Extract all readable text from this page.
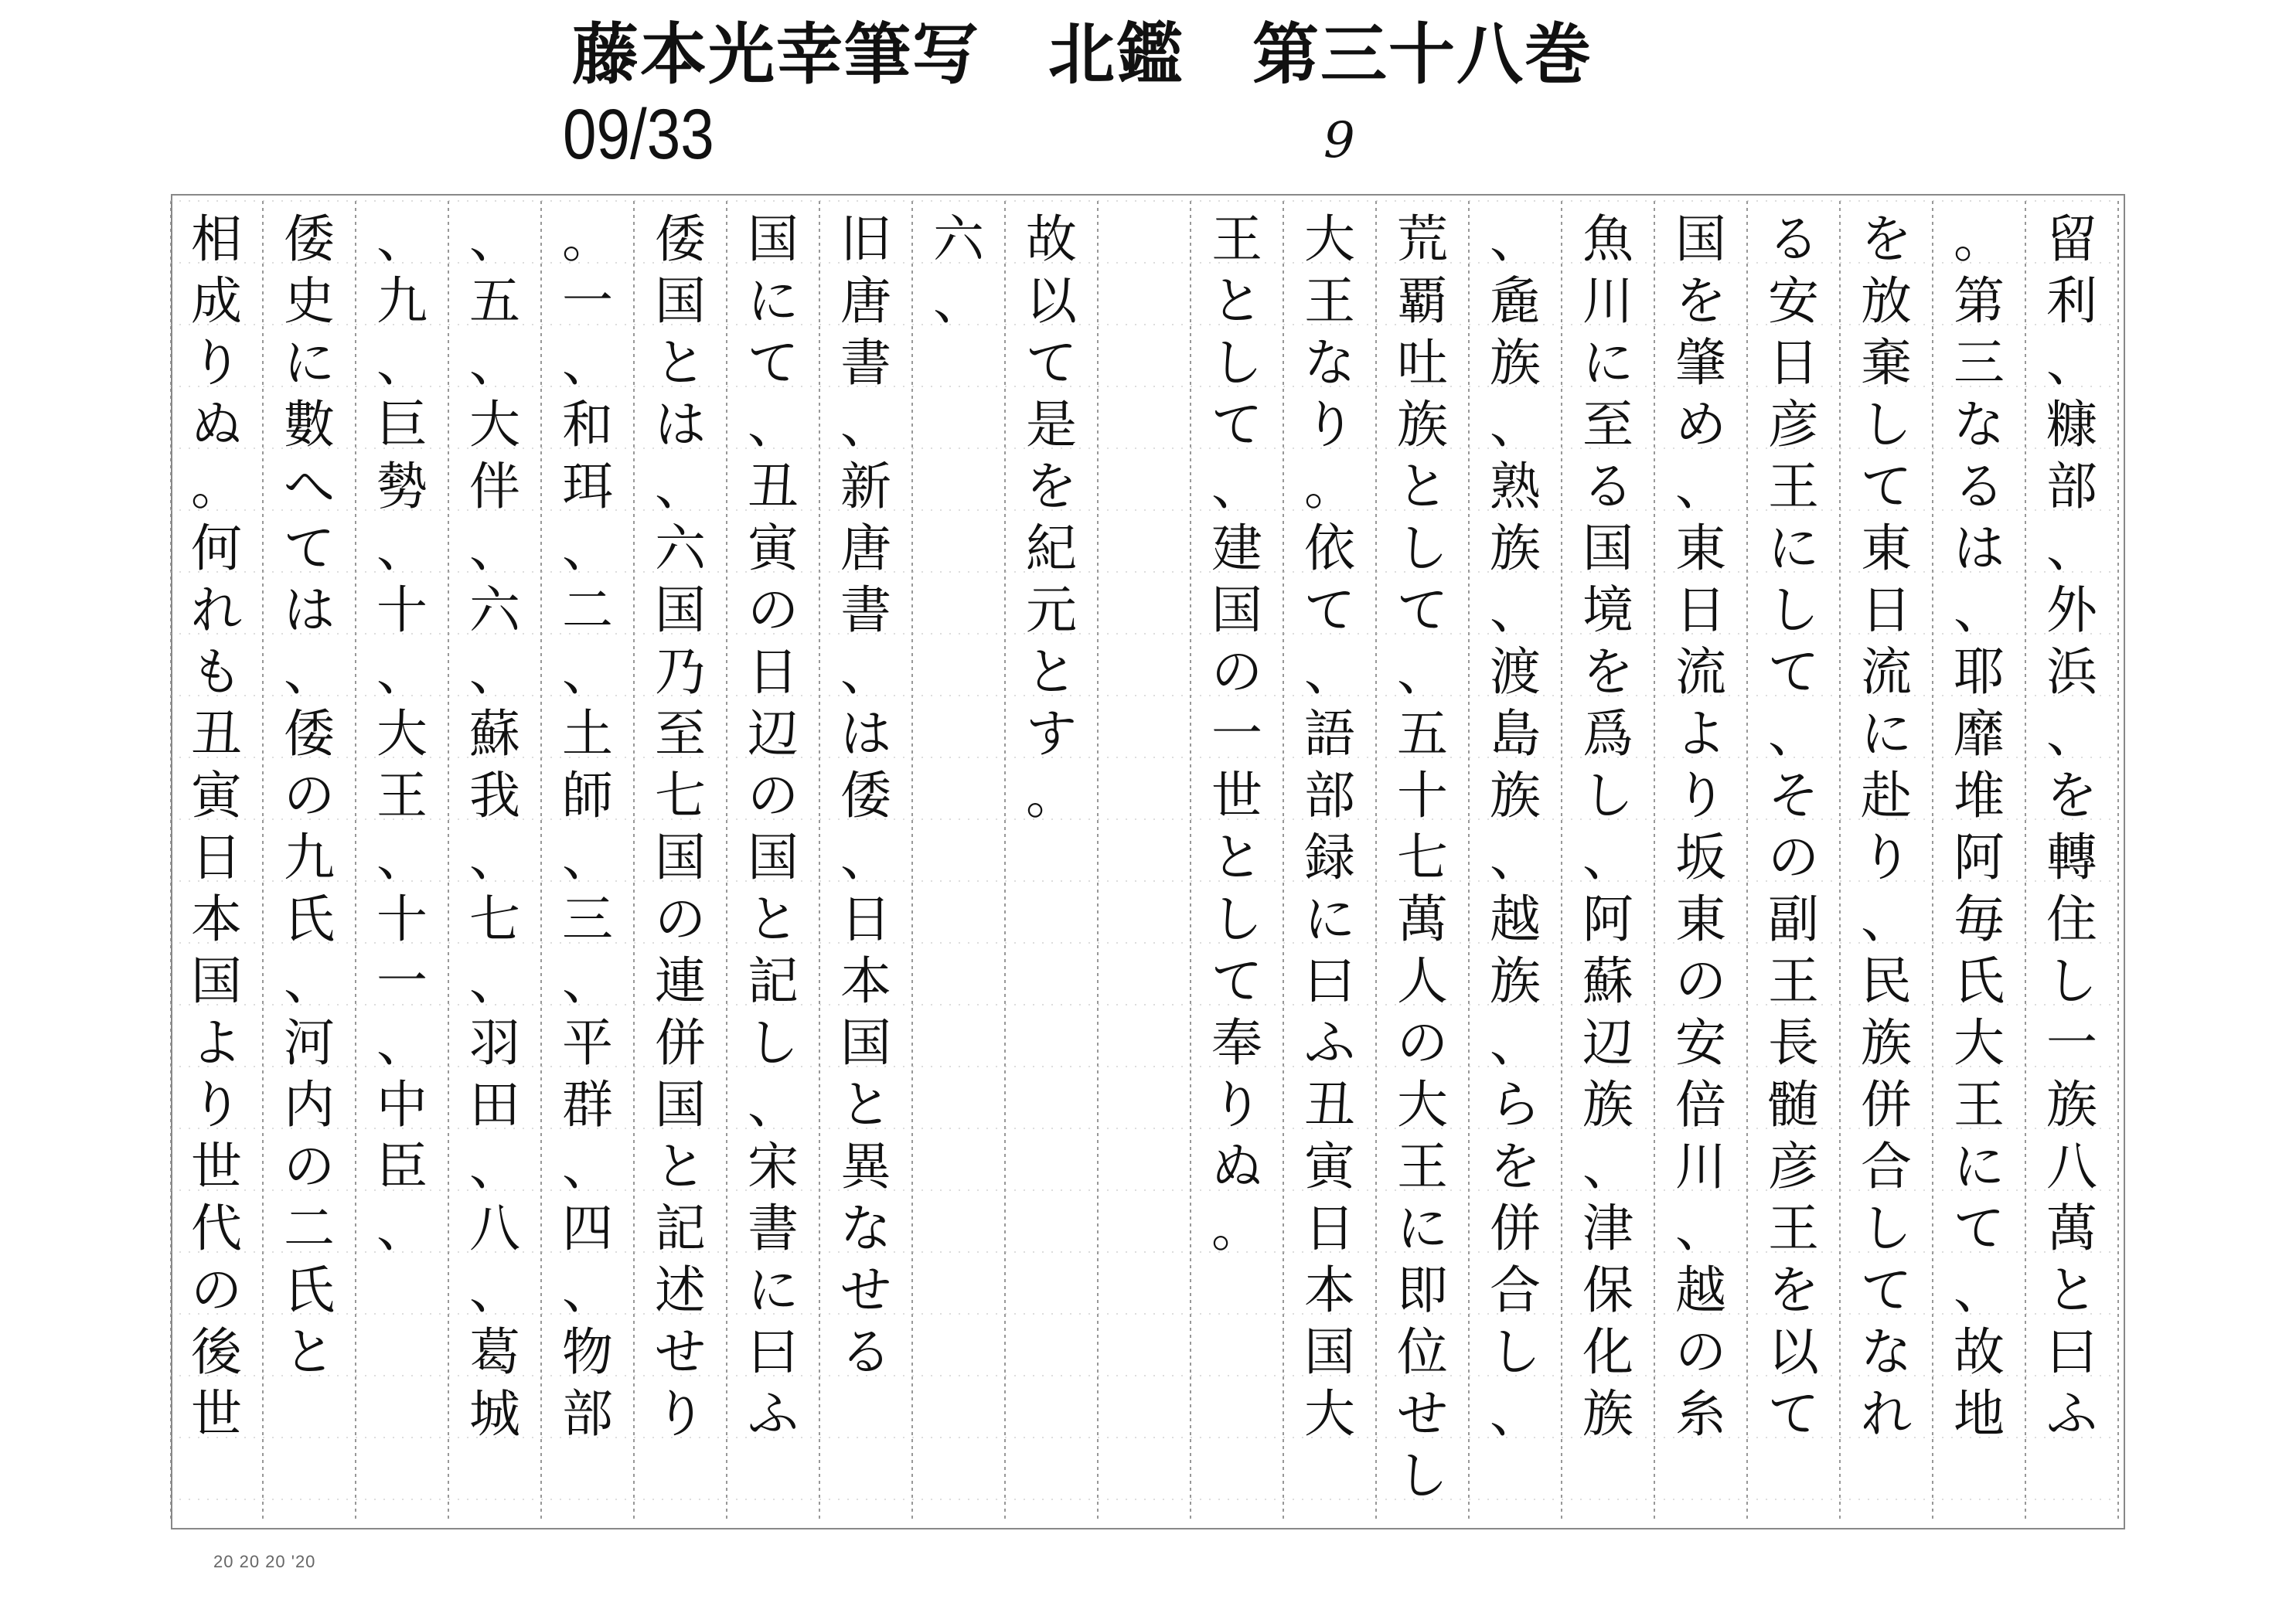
藤本光幸筆写　北鑑　第三十八巻
09/33	9
留
利
、
糠
部
、
外
浜
、
を
轉
住
し
一
族
八
萬
と
曰
ふ
。
第
三
な
る
は
、
耶
靡
堆
阿
毎
氏
大
王
に
て
、
故
地
を
放
棄
し
て
東
日
流
に
赴
り
、
民
族
併
合
し
て
な
れ
る
安
日
彦
王
に
し
て
、
そ
の
副
王
長
髄
彦
王
を
以
て
国
を
肇
め
、
東
日
流
よ
り
坂
東
の
安
倍
川
、
越
の
糸
魚
川
に
至
る
国
境
を
爲
し
、
阿
蘇
辺
族
、
津
保
化
族
、
麁
族
、
熟
族
、
渡
島
族
、
越
族
、
ら
を
併
合
し
、
荒
覇
吐
族
と
し
て
、
五
十
七
萬
人
の
大
王
に
即
位
せ
し
大
王
な
り
。
依
て
、
語
部
録
に
曰
ふ
丑
寅
日
本
国
大
王
と
し
て
、
建
国
の
一
世
と
し
て
奉
り
ぬ
。
故
以
て
是
を
紀
元
と
す
。
六
、
旧
唐
書
、
新
唐
書
、
は
倭
、
日
本
国
と
異
な
せ
る
国
に
て
、
丑
寅
の
日
辺
の
国
と
記
し
、
宋
書
に
曰
ふ
倭
国
と
は
、
六
国
乃
至
七
国
の
連
併
国
と
記
述
せ
り
。
一
、
和
珥
、
二
、
土
師
、
三
、
平
群
、
四
、
物
部
、
五
、
大
伴
、
六
、
蘇
我
、
七
、
羽
田
、
八
、
葛
城
、
九
、
巨
勢
、
十
、
大
王
、
十
一
、
中
臣
、
倭
史
に
數
へ
て
は
、
倭
の
九
氏
、
河
内
の
二
氏
と
相
成
り
ぬ
。
何
れ
も
丑
寅
日
本
国
よ
り
世
代
の
後
世
20 20 20 '20
